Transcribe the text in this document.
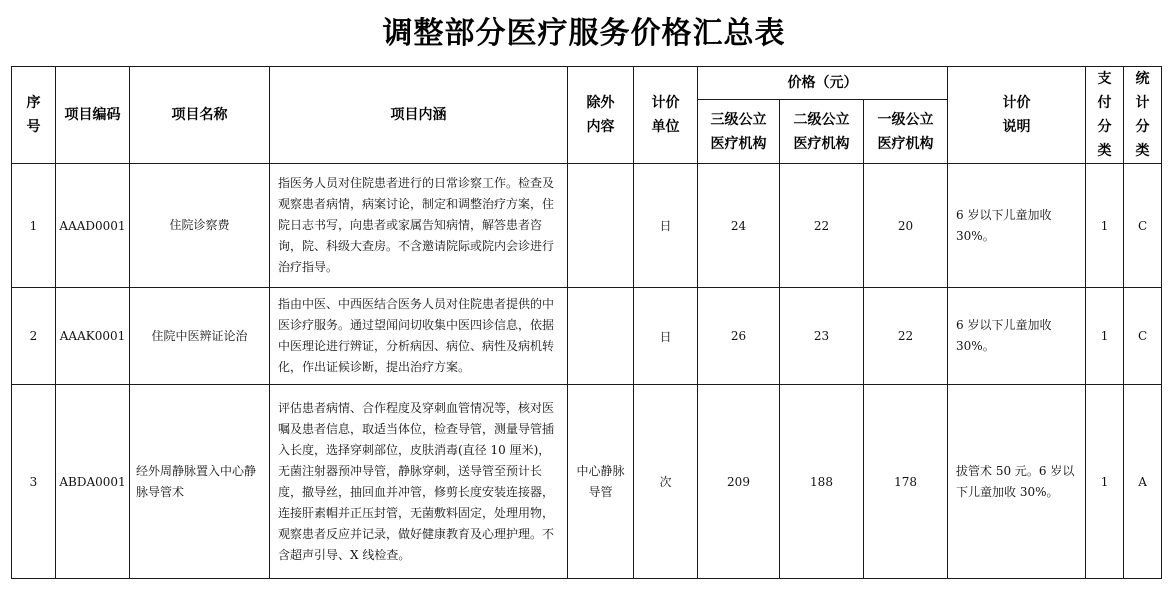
调整部分医疗服务价格汇总表
序号	项目编码	项目名称	项目内涵	除外内容	计价单位	价格（元）			计价说明	支付分类	统计分类
						三级公立医疗机构	二级公立医疗机构	一级公立医疗机构			
1	AAAD0001	住院诊察费	指医务人员对住院患者进行的日常诊察工作。检查及观察患者病情，病案讨论，制定和调整治疗方案，住院日志书写，向患者或家属告知病情，解答患者咨询，院、科级大查房。不含邀请院际或院内会诊进行治疗指导。		日	24	22	20	6 岁以下儿童加收 30%。	1	C
2	AAAK0001	住院中医辨证论治	指由中医、中西医结合医务人员对住院患者提供的中医诊疗服务。通过望闻问切收集中医四诊信息，依据中医理论进行辨证，分析病因、病位、病性及病机转化，作出证候诊断，提出治疗方案。		日	26	23	22	6 岁以下儿童加收 30%。	1	C
3	ABDA0001	经外周静脉置入中心静脉导管术	评估患者病情、合作程度及穿刺血管情况等，核对医嘱及患者信息，取适当体位，检查导管，测量导管插入长度，选择穿刺部位，皮肤消毒(直径 10 厘米)，无菌注射器预冲导管，静脉穿刺，送导管至预计长度，撤导丝，抽回血并冲管，修剪长度安装连接器，连接肝素帽并正压封管，无菌敷料固定，处理用物，观察患者反应并记录，做好健康教育及心理护理。不含超声引导、X 线检查。	中心静脉导管	次	209	188	178	拔管术 50 元。6 岁以下儿童加收 30%。	1	A
